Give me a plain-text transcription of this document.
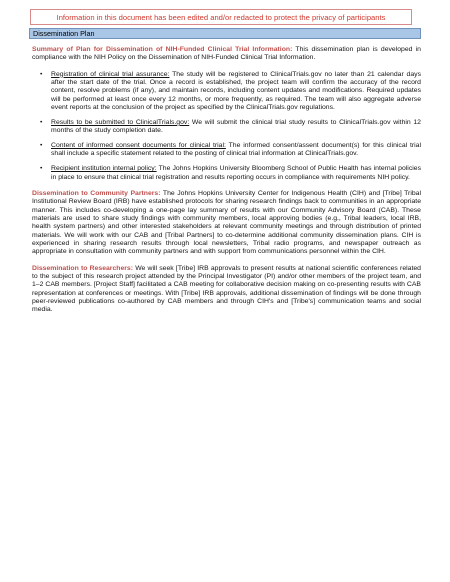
Information in this document has been edited and/or redacted to protect the privacy of participants
Dissemination Plan

Summary of Plan for Dissemination of NIH-Funded Clinical Trial Information: This dissemination plan is developed in compliance with the NIH Policy on the Dissemination of NIH-Funded Clinical Trial Information.

• Registration of clinical trial assurance: The study will be registered to ClinicalTrials.gov no later than 21 calendar days after the start date of the trial. Once a record is established, the project team will confirm the accuracy of the record content, resolve problems (if any), and maintain records, including content updates and modifications. Required updates will be performed at least once every 12 months, or more frequently, as required. The team will also aggregate adverse event reports at the conclusion of the project as specified by the ClinicalTrials.gov regulations.
• Results to be submitted to ClinicalTrials.gov: We will submit the clinical trial study results to ClinicalTrials.gov within 12 months of the study completion date.
• Content of informed consent documents for clinical trial: The informed consent/assent document(s) for this clinical trial shall include a specific statement related to the posting of clinical trial information at ClinicalTrials.gov.
• Recipient institution internal policy: The Johns Hopkins University Bloomberg School of Public Health has internal policies in place to ensure that clinical trial registration and results reporting occurs in compliance with requirements NIH policy.

Dissemination to Community Partners: The Johns Hopkins University Center for Indigenous Health (CIH) and [Tribe] Tribal Institutional Review Board (IRB) have established protocols for sharing research findings back to communities in an appropriate manner. This includes co-developing a one-page lay summary of results with our Community Advisory Board (CAB). These materials are used to share study findings with community members, local approving bodies (e.g., Tribal leaders, local IRB, health system partners) and other interested stakeholders at relevant community meetings and through distribution of printed materials. We will work with our CAB and [Tribal Partners] to co-determine additional community dissemination plans. CIH is experienced in sharing research results through local newsletters, Tribal radio programs, and newspaper outreach as appropriate in consultation with community partners and with support from communications personnel within the CIH.

Dissemination to Researchers: We will seek [Tribe] IRB approvals to present results at national scientific conferences related to the subject of this research project attended by the Principal Investigator (PI) and/or other members of the project team, and 1–2 CAB members. [Project Staff] facilitated a CAB meeting for collaborative decision making on co-presenting results with CAB representation at conferences or meetings. With [Tribe] IRB approvals, additional dissemination of findings will be done through peer-reviewed publications co-authored by CAB members and through CIH's and [Tribe's] communication teams and social media.
